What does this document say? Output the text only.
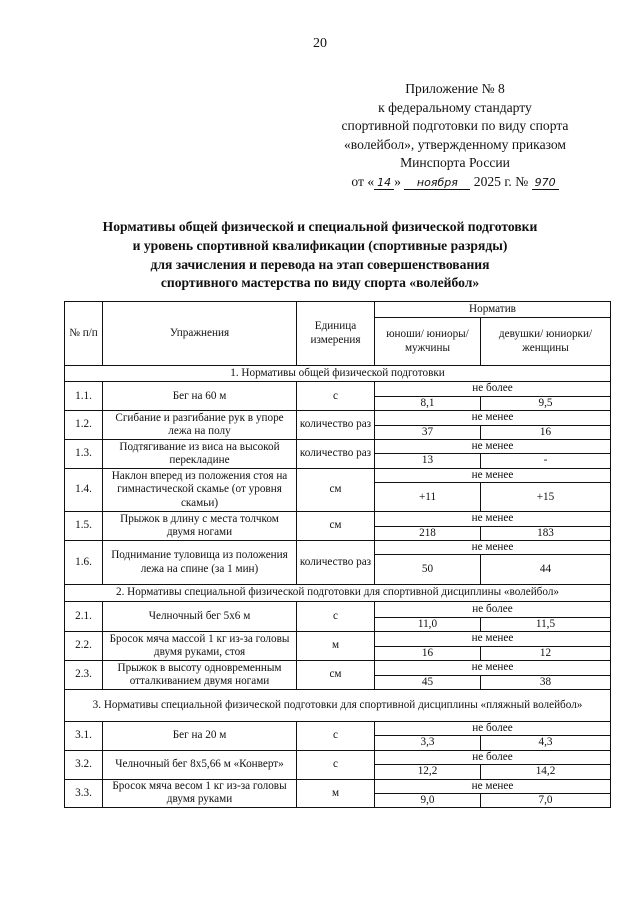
20
Приложение № 8
к федеральному стандарту
спортивной подготовки по виду спорта
«волейбол», утвержденному приказом
Минспорта России
от « 14 » ноября 2025 г. № 970
Нормативы общей физической и специальной физической подготовки
и уровень спортивной квалификации (спортивные разряды)
для зачисления и перевода на этап совершенствования
спортивного мастерства по виду спорта «волейбол»
№ п/п	Упражнения	Единица измерения	Норматив	
			юноши/ юниоры/ мужчины	девушки/ юниорки/ женщины
1. Нормативы общей физической подготовки				
1.1.	Бег на 60 м	с	не более	
			8,1	9,5
1.2.	Сгибание и разгибание рук в упоре лежа на полу	количество раз	не менее	
			37	16
1.3.	Подтягивание из виса на высокой перекладине	количество раз	не менее	
			13	-
1.4.	Наклон вперед из положения стоя на гимнастической скамье (от уровня скамьи)	см	не менее	
			+11	+15
1.5.	Прыжок в длину с места толчком двумя ногами	см	не менее	
			218	183
1.6.	Поднимание туловища из положения лежа на спине (за 1 мин)	количество раз	не менее	
			50	44
2. Нормативы специальной физической подготовки для спортивной дисциплины «волейбол»				
2.1.	Челночный бег 5x6 м	с	не более	
			11,0	11,5
2.2.	Бросок мяча массой 1 кг из-за головы двумя руками, стоя	м	не менее	
			16	12
2.3.	Прыжок в высоту одновременным отталкиванием двумя ногами	см	не менее	
			45	38
3. Нормативы специальной физической подготовки для спортивной дисциплины «пляжный волейбол»				
3.1.	Бег на 20 м	с	не более	
			3,3	4,3
3.2.	Челночный бег 8x5,66 м «Конверт»	с	не более	
			12,2	14,2
3.3.	Бросок мяча весом 1 кг из-за головы двумя руками	м	не менее	
			9,0	7,0
